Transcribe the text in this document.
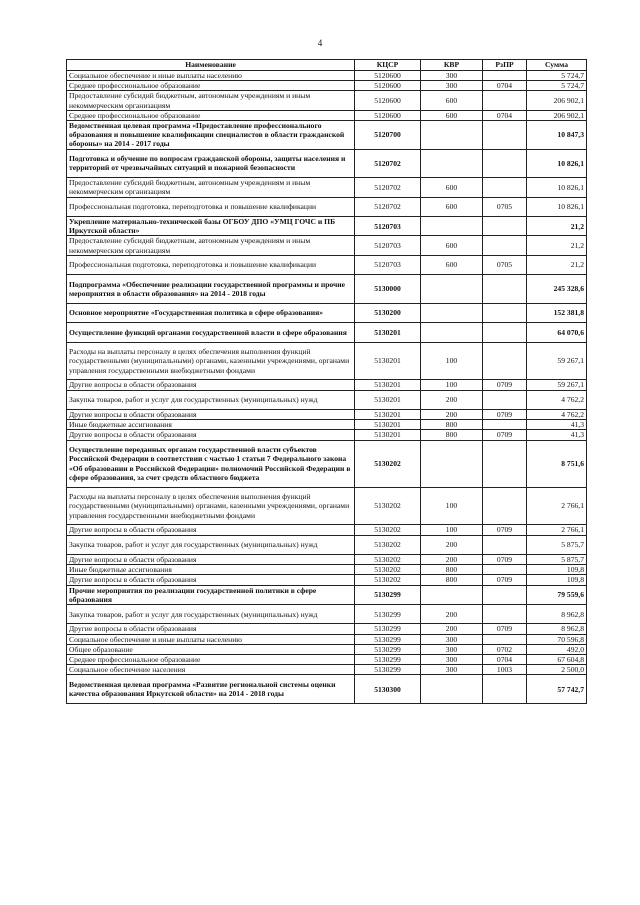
4
Наименование	КЦСР	КВР	РзПР	Сумма
Социальное обеспечение и иные выплаты населению	5120600	300		5 724,7
Среднее профессиональное образование	5120600	300	0704	5 724,7
Предоставление субсидий бюджетным, автономным учреждениям и иным некоммерческим организациям	5120600	600		206 902,1
Среднее профессиональное образование	5120600	600	0704	206 902,1
Ведомственная целевая программа «Предоставление профессионального образования и повышение квалификации специалистов в области гражданской обороны» на 2014 - 2017 годы	5120700			10 847,3
Подготовка и обучение по вопросам гражданской обороны, защиты населения и территорий от чрезвычайных ситуаций и пожарной безопасности	5120702			10 826,1
Предоставление субсидий бюджетным, автономным учреждениям и иным некоммерческим организациям	5120702	600		10 826,1
Профессиональная подготовка, переподготовка и повышение квалификации	5120702	600	0705	10 826,1
Укрепление материально-технической базы ОГБОУ ДПО «УМЦ ГОЧС и ПБ Иркутской области»	5120703			21,2
Предоставление субсидий бюджетным, автономным учреждениям и иным некоммерческим организациям	5120703	600		21,2
Профессиональная подготовка, переподготовка и повышение квалификации	5120703	600	0705	21,2
Подпрограмма «Обеспечение реализации государственной программы и прочие мероприятия в области образования» на 2014 - 2018 годы	5130000			245 328,6
Основное мероприятие «Государственная политика в сфере образования»	5130200			152 381,8
Осуществление функций органами государственной власти в сфере образования	5130201			64 070,6
Расходы на выплаты персоналу в целях обеспечения выполнения функций государственными (муниципальными) органами, казенными учреждениями, органами управления государственными внебюджетными фондами	5130201	100		59 267,1
Другие вопросы в области образования	5130201	100	0709	59 267,1
Закупка товаров, работ и услуг для государственных (муниципальных) нужд	5130201	200		4 762,2
Другие вопросы в области образования	5130201	200	0709	4 762,2
Иные бюджетные ассигнования	5130201	800		41,3
Другие вопросы в области образования	5130201	800	0709	41,3
Осуществление переданных органам государственной власти субъектов Российской Федерации в соответствии с частью 1 статьи 7 Федерального закона «Об образовании в Российской Федерации» полномочий Российской Федерации в сфере образования, за счет средств областного бюджета	5130202			8 751,6
Расходы на выплаты персоналу в целях обеспечения выполнения функций государственными (муниципальными) органами, казенными учреждениями, органами управления государственными внебюджетными фондами	5130202	100		2 766,1
Другие вопросы в области образования	5130202	100	0709	2 766,1
Закупка товаров, работ и услуг для государственных (муниципальных) нужд	5130202	200		5 875,7
Другие вопросы в области образования	5130202	200	0709	5 875,7
Иные бюджетные ассигнования	5130202	800		109,8
Другие вопросы в области образования	5130202	800	0709	109,8
Прочие мероприятия по реализации государственной политики в сфере образования	5130299			79 559,6
Закупка товаров, работ и услуг для государственных (муниципальных) нужд	5130299	200		8 962,8
Другие вопросы в области образования	5130299	200	0709	8 962,8
Социальное обеспечение и иные выплаты населению	5130299	300		70 596,8
Общее образование	5130299	300	0702	492,0
Среднее профессиональное образование	5130299	300	0704	67 604,8
Социальное обеспечение населения	5130299	300	1003	2 500,0
Ведомственная целевая программа «Развитие региональной системы оценки качества образования Иркутской области» на 2014 - 2018 годы	5130300			57 742,7
